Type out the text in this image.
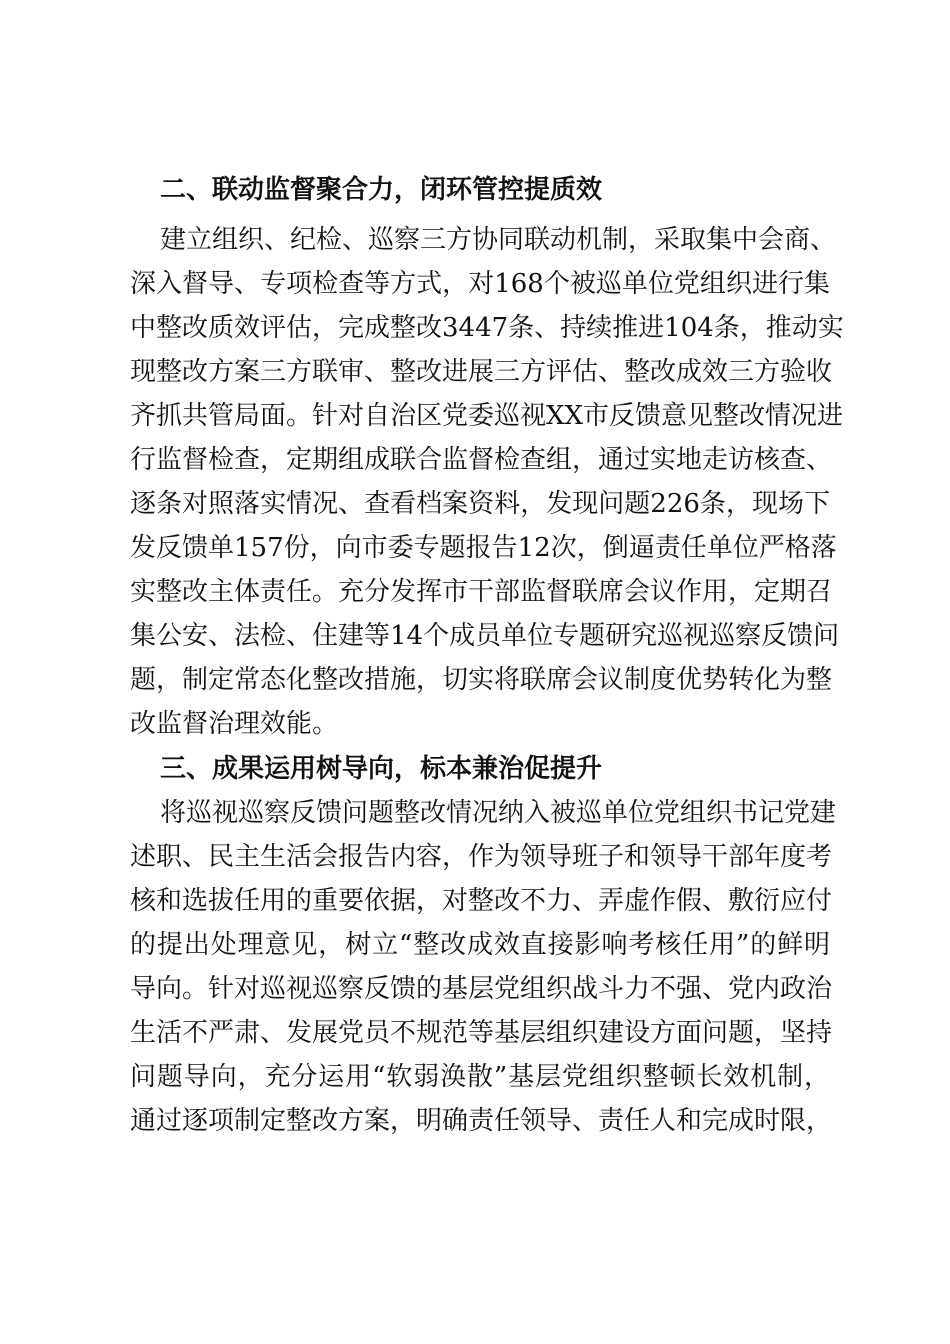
二、联动监督聚合力，闭环管控提质效
建立组织、纪检、巡察三方协同联动机制，采取集中会商、
深入督导、专项检查等方式，对168个被巡单位党组织进行集
中整改质效评估，完成整改3447条、持续推进104条，推动实
现整改方案三方联审、整改进展三方评估、整改成效三方验收
齐抓共管局面。针对自治区党委巡视XX市反馈意见整改情况进
行监督检查，定期组成联合监督检查组，通过实地走访核查、
逐条对照落实情况、查看档案资料，发现问题226条，现场下
发反馈单157份，向市委专题报告12次，倒逼责任单位严格落
实整改主体责任。充分发挥市干部监督联席会议作用，定期召
集公安、法检、住建等14个成员单位专题研究巡视巡察反馈问
题，制定常态化整改措施，切实将联席会议制度优势转化为整
改监督治理效能。
三、成果运用树导向，标本兼治促提升
将巡视巡察反馈问题整改情况纳入被巡单位党组织书记党建
述职、民主生活会报告内容，作为领导班子和领导干部年度考
核和选拔任用的重要依据，对整改不力、弄虚作假、敷衍应付
的提出处理意见，树立“整改成效直接影响考核任用”的鲜明
导向。针对巡视巡察反馈的基层党组织战斗力不强、党内政治
生活不严肃、发展党员不规范等基层组织建设方面问题，坚持
问题导向，充分运用“软弱涣散”基层党组织整顿长效机制，
通过逐项制定整改方案，明确责任领导、责任人和完成时限，
